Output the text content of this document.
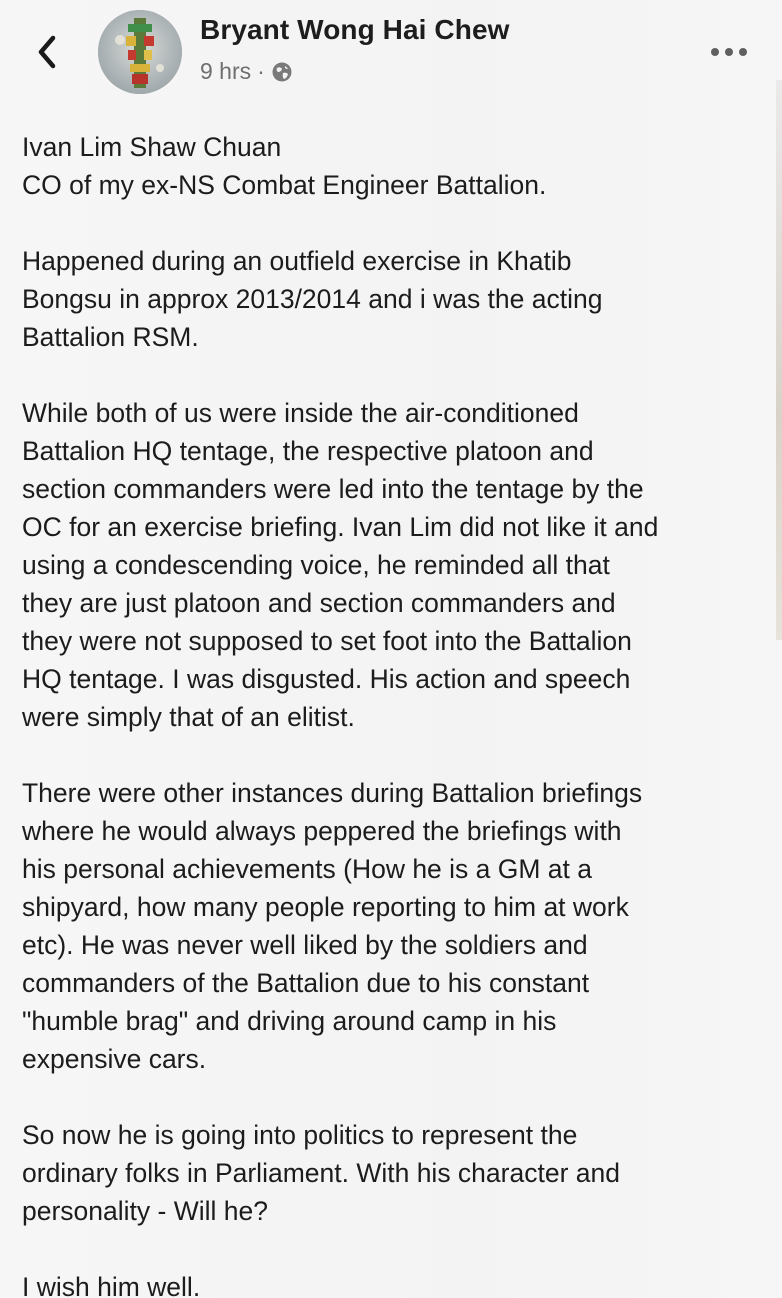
Bryant Wong Hai Chew
9 hrs ·

Ivan Lim Shaw Chuan
CO of my ex-NS Combat Engineer Battalion.

Happened during an outfield exercise in Khatib
Bongsu in approx 2013/2014 and i was the acting
Battalion RSM.

While both of us were inside the air-conditioned
Battalion HQ tentage, the respective platoon and
section commanders were led into the tentage by the
OC for an exercise briefing. Ivan Lim did not like it and
using a condescending voice, he reminded all that
they are just platoon and section commanders and
they were not supposed to set foot into the Battalion
HQ tentage. I was disgusted. His action and speech
were simply that of an elitist.

There were other instances during Battalion briefings
where he would always peppered the briefings with
his personal achievements (How he is a GM at a
shipyard, how many people reporting to him at work
etc). He was never well liked by the soldiers and
commanders of the Battalion due to his constant
"humble brag" and driving around camp in his
expensive cars.

So now he is going into politics to represent the
ordinary folks in Parliament. With his character and
personality - Will he?

I wish him well.
